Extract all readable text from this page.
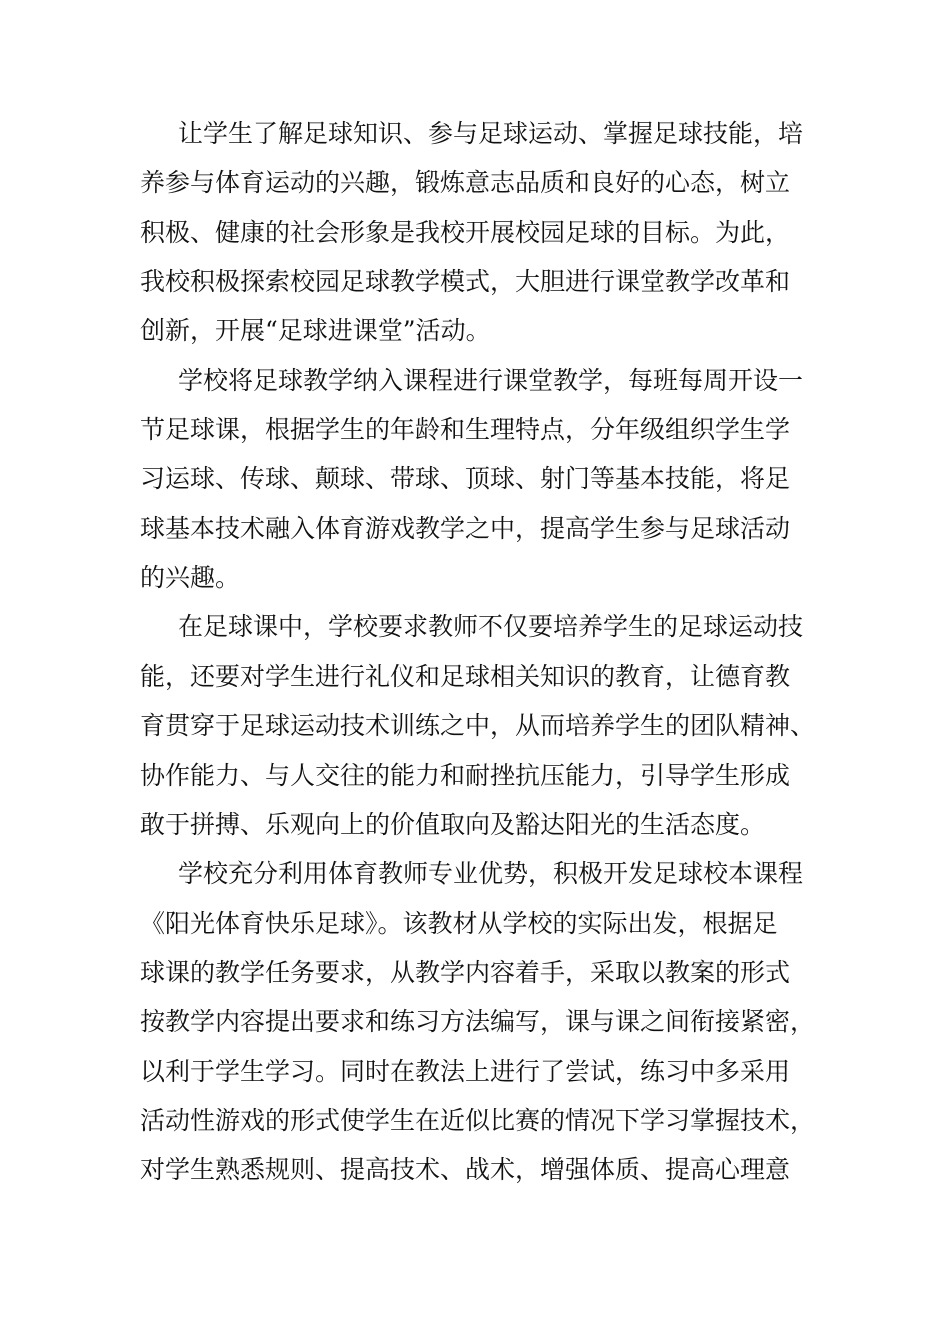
让学生了解足球知识、参与足球运动、掌握足球技能，培
养参与体育运动的兴趣，锻炼意志品质和良好的心态，树立
积极、健康的社会形象是我校开展校园足球的目标。为此，
我校积极探索校园足球教学模式，大胆进行课堂教学改革和
创新，开展“足球进课堂”活动。
学校将足球教学纳入课程进行课堂教学，每班每周开设一
节足球课，根据学生的年龄和生理特点，分年级组织学生学
习运球、传球、颠球、带球、顶球、射门等基本技能，将足
球基本技术融入体育游戏教学之中，提高学生参与足球活动
的兴趣。
在足球课中，学校要求教师不仅要培养学生的足球运动技
能，还要对学生进行礼仪和足球相关知识的教育，让德育教
育贯穿于足球运动技术训练之中，从而培养学生的团队精神、
协作能力、与人交往的能力和耐挫抗压能力，引导学生形成
敢于拼搏、乐观向上的价值取向及豁达阳光的生活态度。
学校充分利用体育教师专业优势，积极开发足球校本课程
《阳光体育快乐足球》。该教材从学校的实际出发，根据足
球课的教学任务要求，从教学内容着手，采取以教案的形式
按教学内容提出要求和练习方法编写，课与课之间衔接紧密，
以利于学生学习。同时在教法上进行了尝试，练习中多采用
活动性游戏的形式使学生在近似比赛的情况下学习掌握技术，
对学生熟悉规则、提高技术、战术，增强体质、提高心理意
